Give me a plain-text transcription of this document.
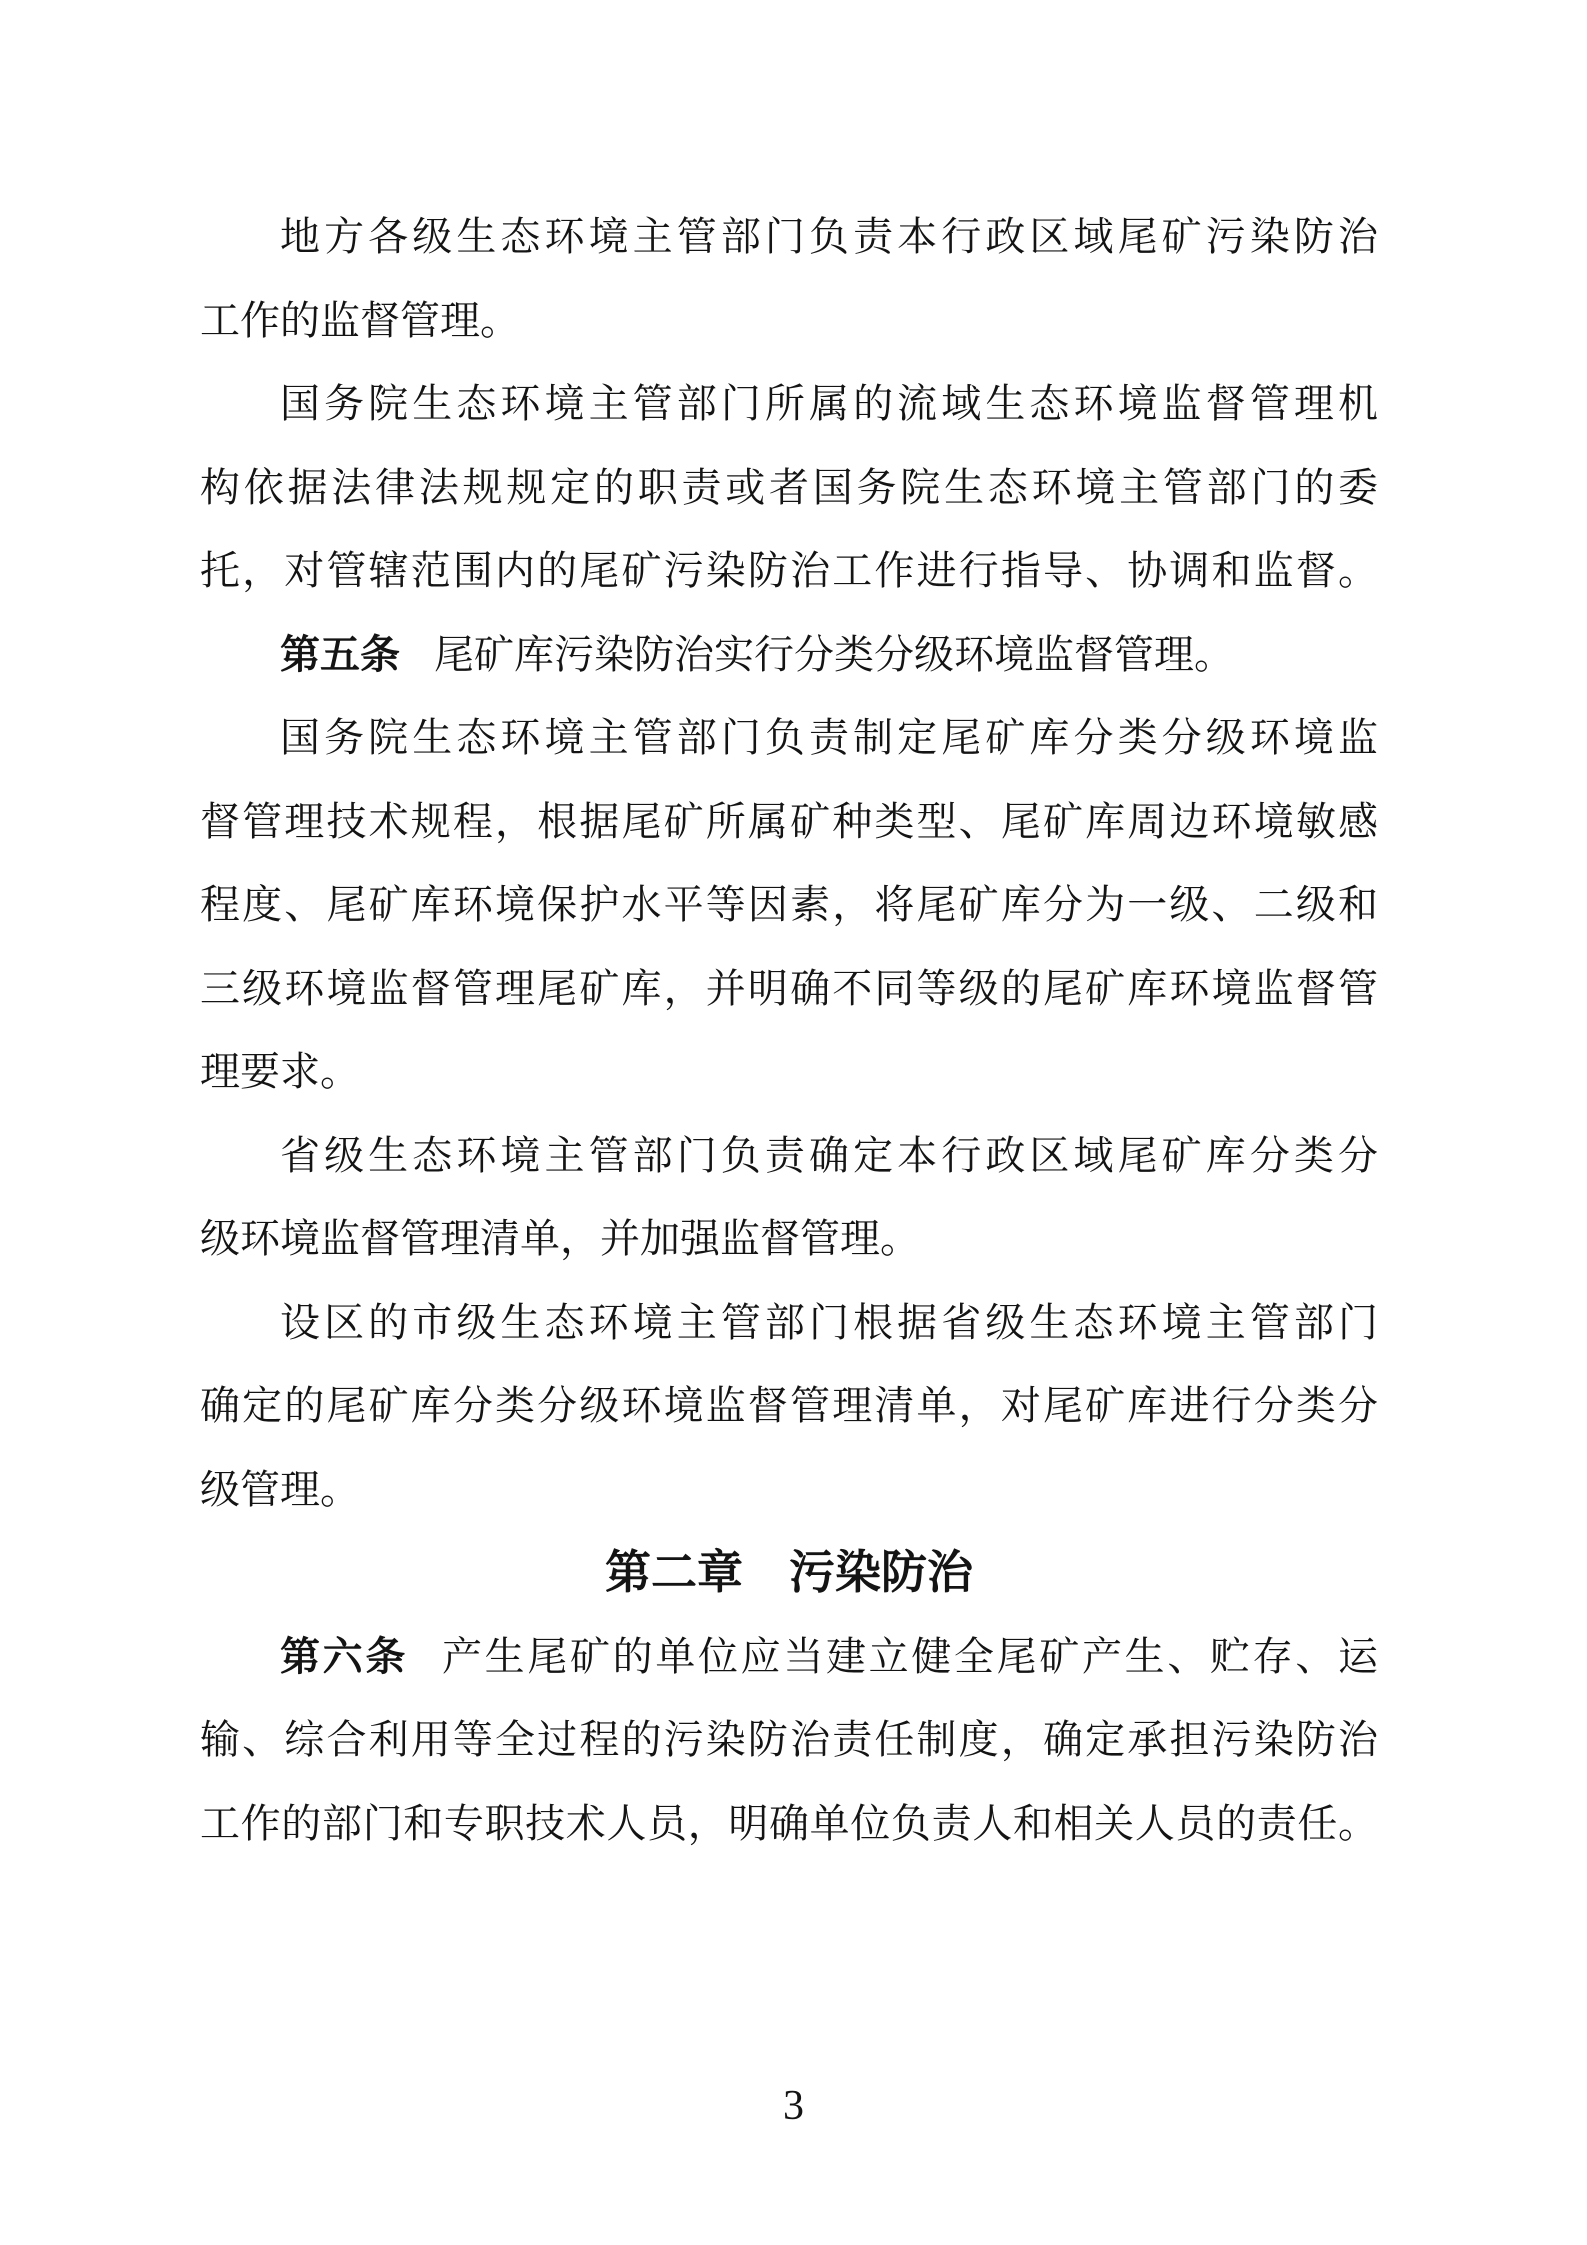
地方各级生态环境主管部门负责本行政区域尾矿污染防治
工作的监督管理。
国务院生态环境主管部门所属的流域生态环境监督管理机
构依据法律法规规定的职责或者国务院生态环境主管部门的委
托，对管辖范围内的尾矿污染防治工作进行指导、协调和监督。
第五条 尾矿库污染防治实行分类分级环境监督管理。
国务院生态环境主管部门负责制定尾矿库分类分级环境监
督管理技术规程，根据尾矿所属矿种类型、尾矿库周边环境敏感
程度、尾矿库环境保护水平等因素，将尾矿库分为一级、二级和
三级环境监督管理尾矿库，并明确不同等级的尾矿库环境监督管
理要求。
省级生态环境主管部门负责确定本行政区域尾矿库分类分
级环境监督管理清单，并加强监督管理。
设区的市级生态环境主管部门根据省级生态环境主管部门
确定的尾矿库分类分级环境监督管理清单，对尾矿库进行分类分
级管理。
第二章 污染防治
第六条 产生尾矿的单位应当建立健全尾矿产生、贮存、运
输、综合利用等全过程的污染防治责任制度，确定承担污染防治
工作的部门和专职技术人员，明确单位负责人和相关人员的责任。
3
